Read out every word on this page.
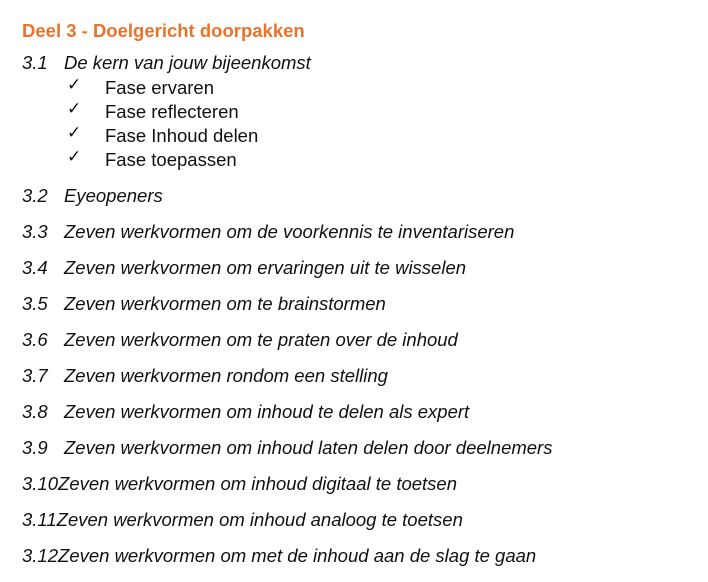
Deel 3 - Doelgericht doorpakken
3.1 De kern van jouw bijeenkomst
✓	Fase ervaren
✓	Fase reflecteren
✓	Fase Inhoud delen
✓	Fase toepassen
3.2 Eyeopeners
3.3 Zeven werkvormen om de voorkennis te inventariseren
3.4 Zeven werkvormen om ervaringen uit te wisselen
3.5 Zeven werkvormen om te brainstormen
3.6 Zeven werkvormen om te praten over de inhoud
3.7 Zeven werkvormen rondom een stelling
3.8 Zeven werkvormen om inhoud te delen als expert
3.9 Zeven werkvormen om inhoud laten delen door deelnemers
3.10 Zeven werkvormen om inhoud digitaal te toetsen
3.11 Zeven werkvormen om inhoud analoog te toetsen
3.12 Zeven werkvormen om met de inhoud aan de slag te gaan
